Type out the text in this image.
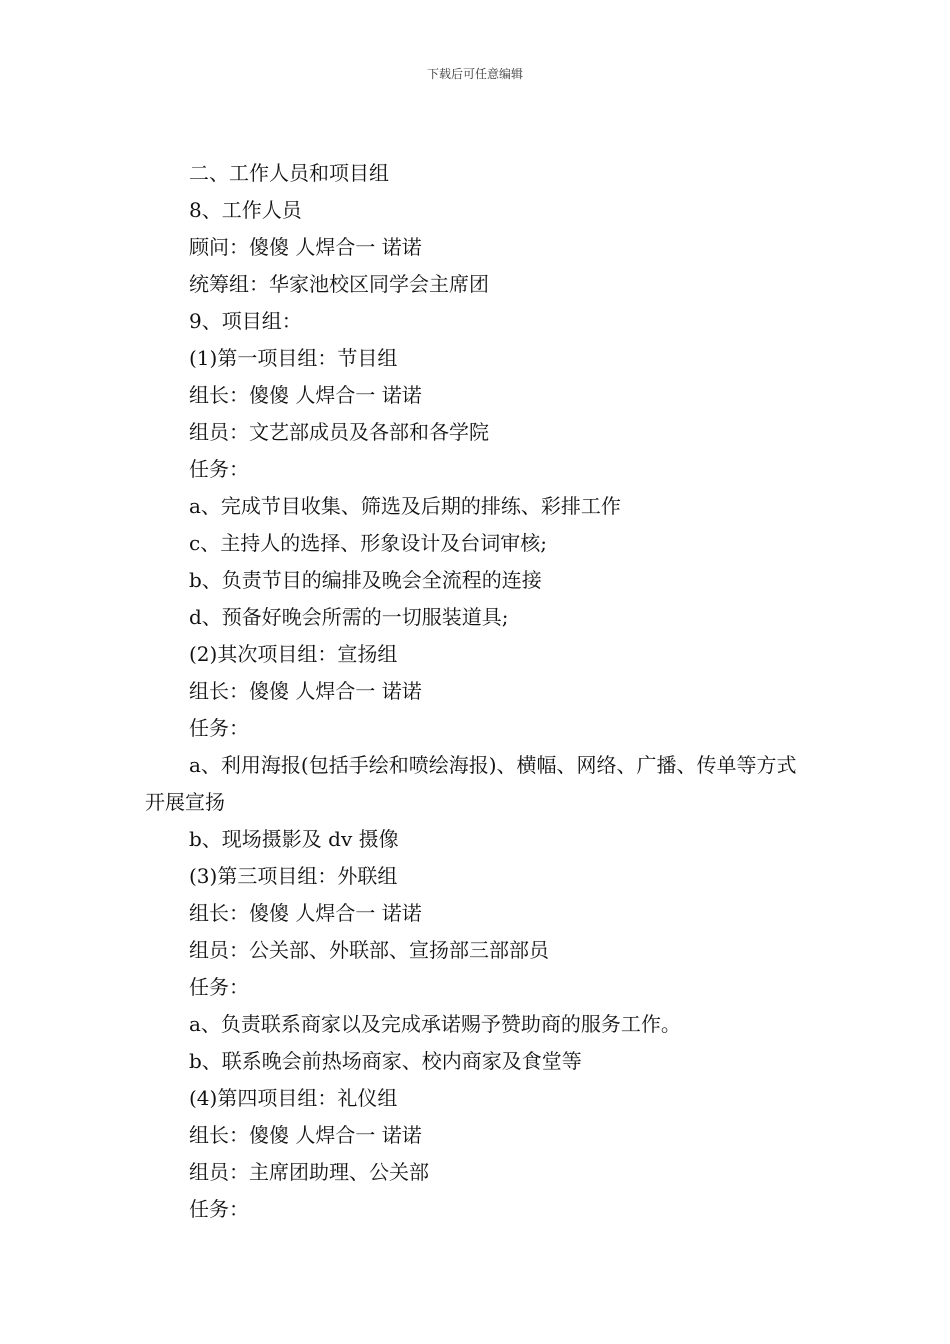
下载后可任意编辑
二、工作人员和项目组
8、工作人员
顾问：傻傻 人焊合一 诺诺
统筹组：华家池校区同学会主席团
9、项目组：
(1)第一项目组：节目组
组长：傻傻 人焊合一 诺诺
组员：文艺部成员及各部和各学院
任务：
a、完成节目收集、筛选及后期的排练、彩排工作
c、主持人的选择、形象设计及台词审核;
b、负责节目的编排及晚会全流程的连接
d、预备好晚会所需的一切服装道具;
(2)其次项目组：宣扬组
组长：傻傻 人焊合一 诺诺
任务：
a、利用海报(包括手绘和喷绘海报)、横幅、网络、广播、传单等方式开展宣扬
b、现场摄影及 dv 摄像
(3)第三项目组：外联组
组长：傻傻 人焊合一 诺诺
组员：公关部、外联部、宣扬部三部部员
任务：
a、负责联系商家以及完成承诺赐予赞助商的服务工作。
b、联系晚会前热场商家、校内商家及食堂等
(4)第四项目组：礼仪组
组长：傻傻 人焊合一 诺诺
组员：主席团助理、公关部
任务：
